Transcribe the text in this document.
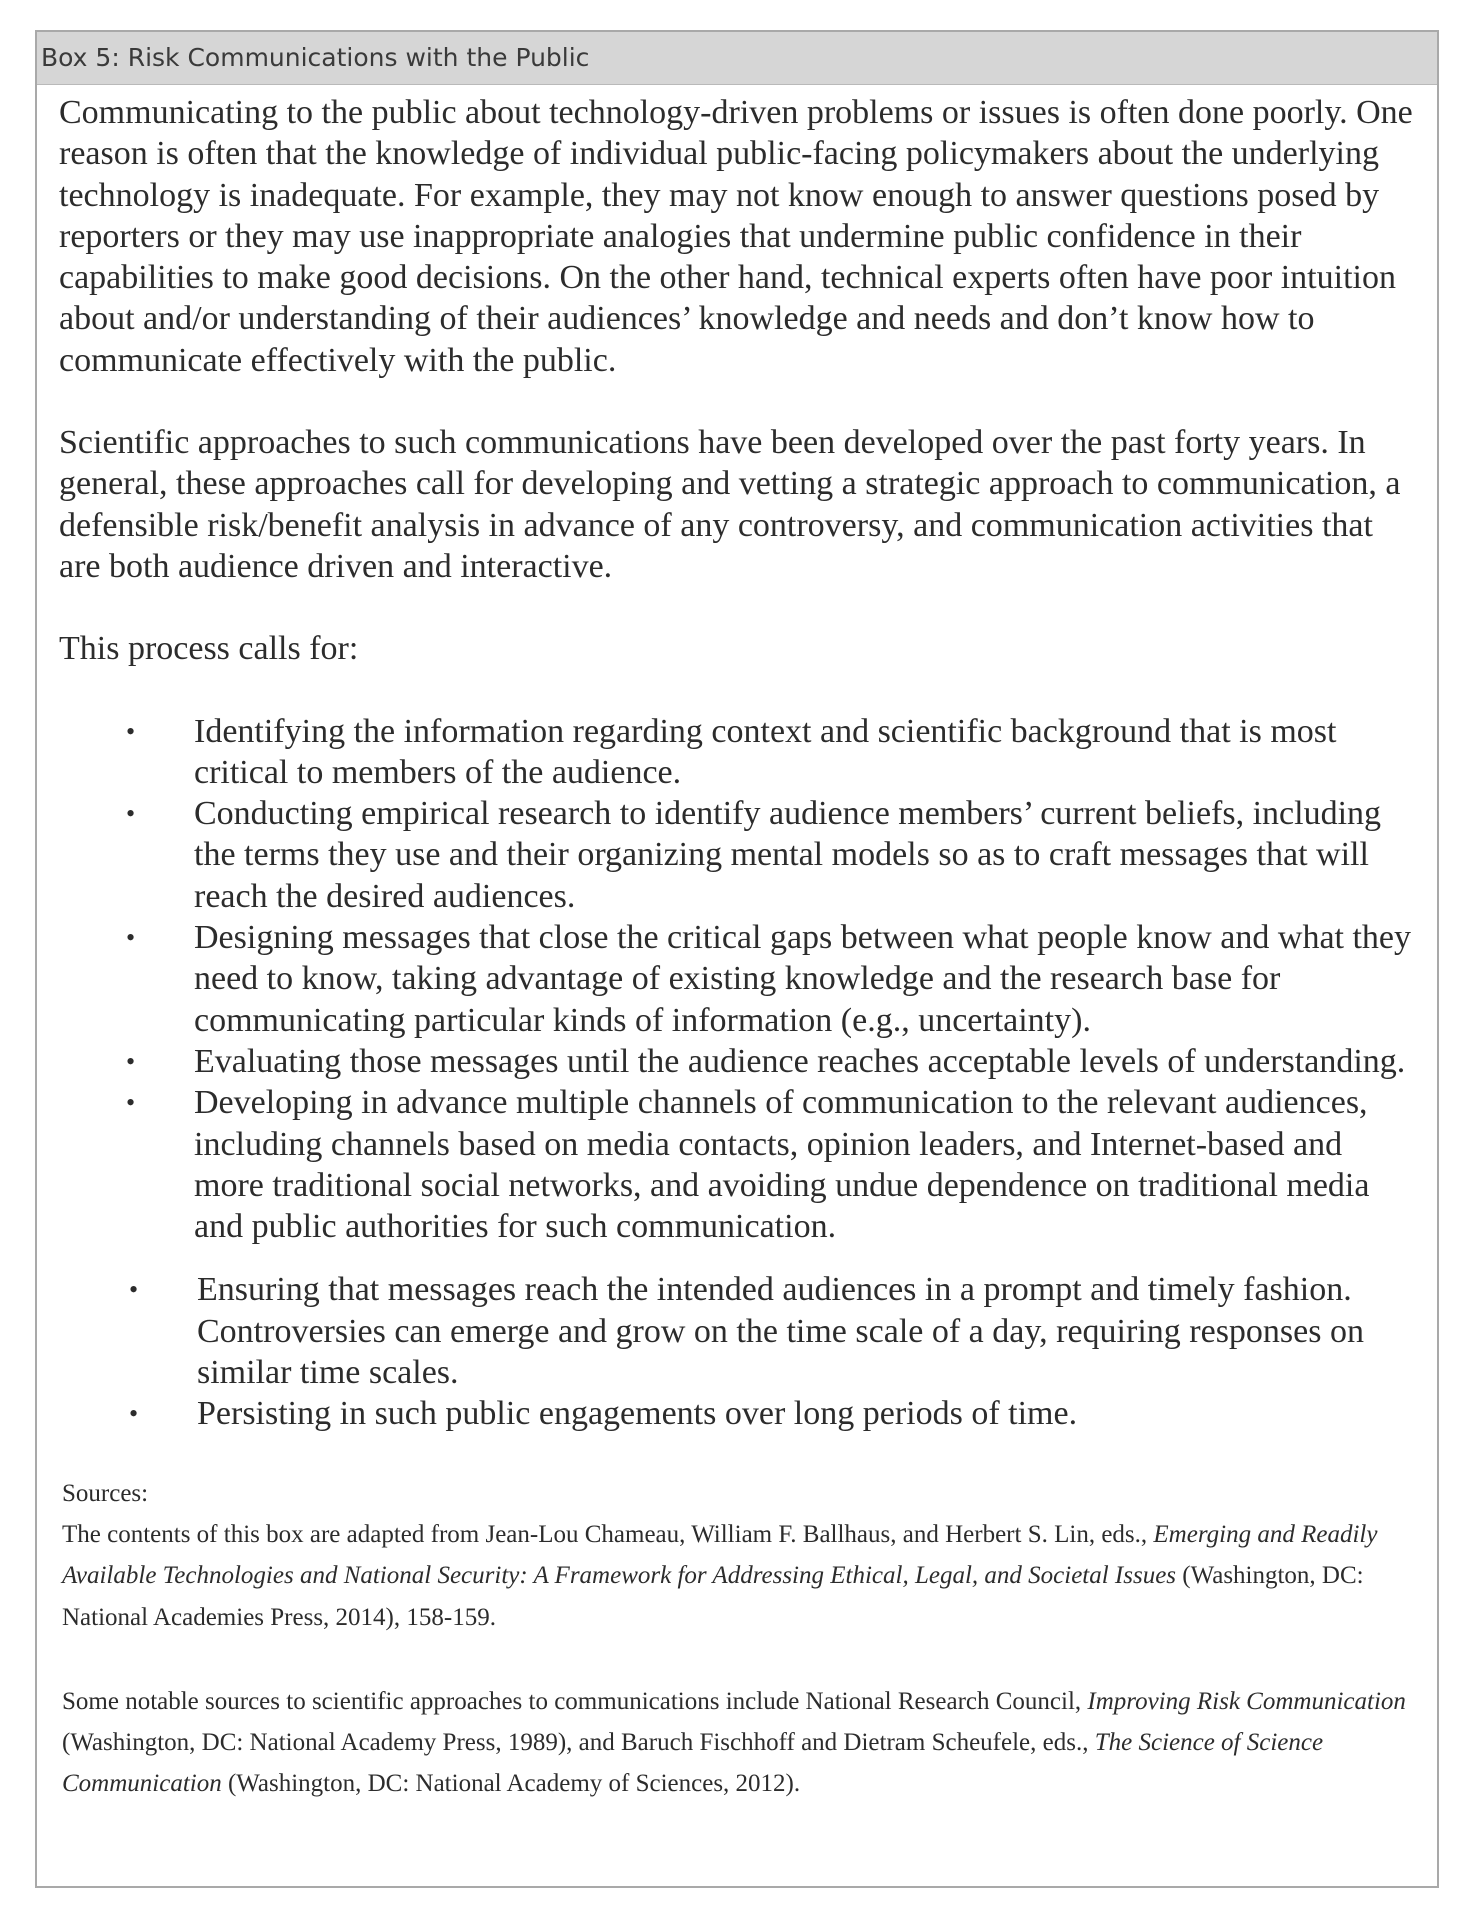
Box 5: Risk Communications with the Public

Communicating to the public about technology-driven problems or issues is often done poorly. One reason is often that the knowledge of individual public-facing policymakers about the underlying technology is inadequate. For example, they may not know enough to answer questions posed by reporters or they may use inappropriate analogies that undermine public confidence in their capabilities to make good decisions. On the other hand, technical experts often have poor intuition about and/or understanding of their audiences’ knowledge and needs and don’t know how to communicate effectively with the public.

Scientific approaches to such communications have been developed over the past forty years. In general, these approaches call for developing and vetting a strategic approach to communication, a defensible risk/benefit analysis in advance of any controversy, and communication activities that are both audience driven and interactive.

This process calls for:

• Identifying the information regarding context and scientific background that is most critical to members of the audience.
• Conducting empirical research to identify audience members’ current beliefs, including the terms they use and their organizing mental models so as to craft messages that will reach the desired audiences.
• Designing messages that close the critical gaps between what people know and what they need to know, taking advantage of existing knowledge and the research base for communicating particular kinds of information (e.g., uncertainty).
• Evaluating those messages until the audience reaches acceptable levels of understanding.
• Developing in advance multiple channels of communication to the relevant audiences, including channels based on media contacts, opinion leaders, and Internet-based and more traditional social networks, and avoiding undue dependence on traditional media and public authorities for such communication.
• Ensuring that messages reach the intended audiences in a prompt and timely fashion. Controversies can emerge and grow on the time scale of a day, requiring responses on similar time scales.
• Persisting in such public engagements over long periods of time.

Sources:

The contents of this box are adapted from Jean-Lou Chameau, William F. Ballhaus, and Herbert S. Lin, eds., Emerging and Readily Available Technologies and National Security: A Framework for Addressing Ethical, Legal, and Societal Issues (Washington, DC: National Academies Press, 2014), 158-159.

Some notable sources to scientific approaches to communications include National Research Council, Improving Risk Communication (Washington, DC: National Academy Press, 1989), and Baruch Fischhoff and Dietram Scheufele, eds., The Science of Science Communication (Washington, DC: National Academy of Sciences, 2012).
